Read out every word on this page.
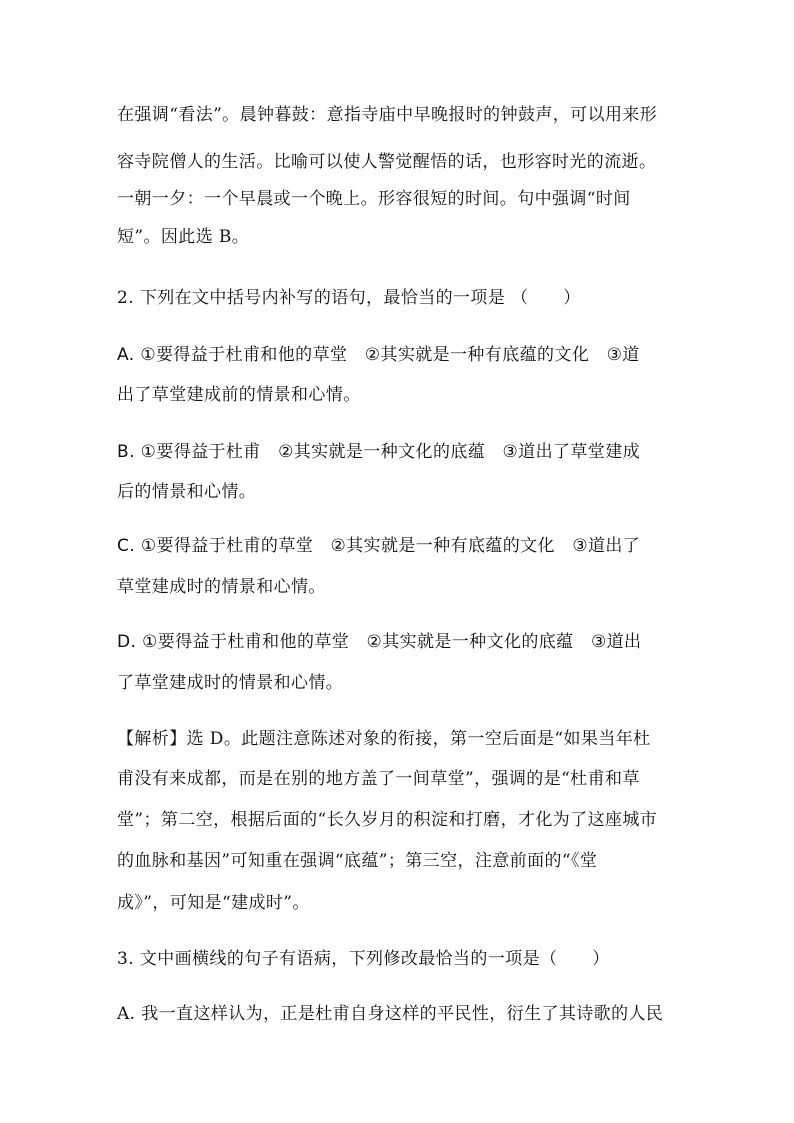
在强调“看法”。晨钟暮鼓：意指寺庙中早晚报时的钟鼓声，可以用来形
容寺院僧人的生活。比喻可以使人警觉醒悟的话，也形容时光的流逝。
一朝一夕：一个早晨或一个晚上。形容很短的时间。句中强调“时间
短”。因此选 B。
2. 下列在文中括号内补写的语句，最恰当的一项是 （　　）
A. ①要得益于杜甫和他的草堂　②其实就是一种有底蕴的文化　③道
出了草堂建成前的情景和心情。
B. ①要得益于杜甫　②其实就是一种文化的底蕴　③道出了草堂建成
后的情景和心情。
C. ①要得益于杜甫的草堂　②其实就是一种有底蕴的文化　③道出了
草堂建成时的情景和心情。
D. ①要得益于杜甫和他的草堂　②其实就是一种文化的底蕴　③道出
了草堂建成时的情景和心情。
【解析】选 D。此题注意陈述对象的衔接，第一空后面是“如果当年杜
甫没有来成都，而是在别的地方盖了一间草堂”，强调的是“杜甫和草
堂”；第二空，根据后面的“长久岁月的积淀和打磨，才化为了这座城市
的血脉和基因”可知重在强调“底蕴”；第三空，注意前面的“《堂
成》”，可知是“建成时”。
3. 文中画横线的句子有语病，下列修改最恰当的一项是（　　）
A. 我一直这样认为，正是杜甫自身这样的平民性，衍生了其诗歌的人民
